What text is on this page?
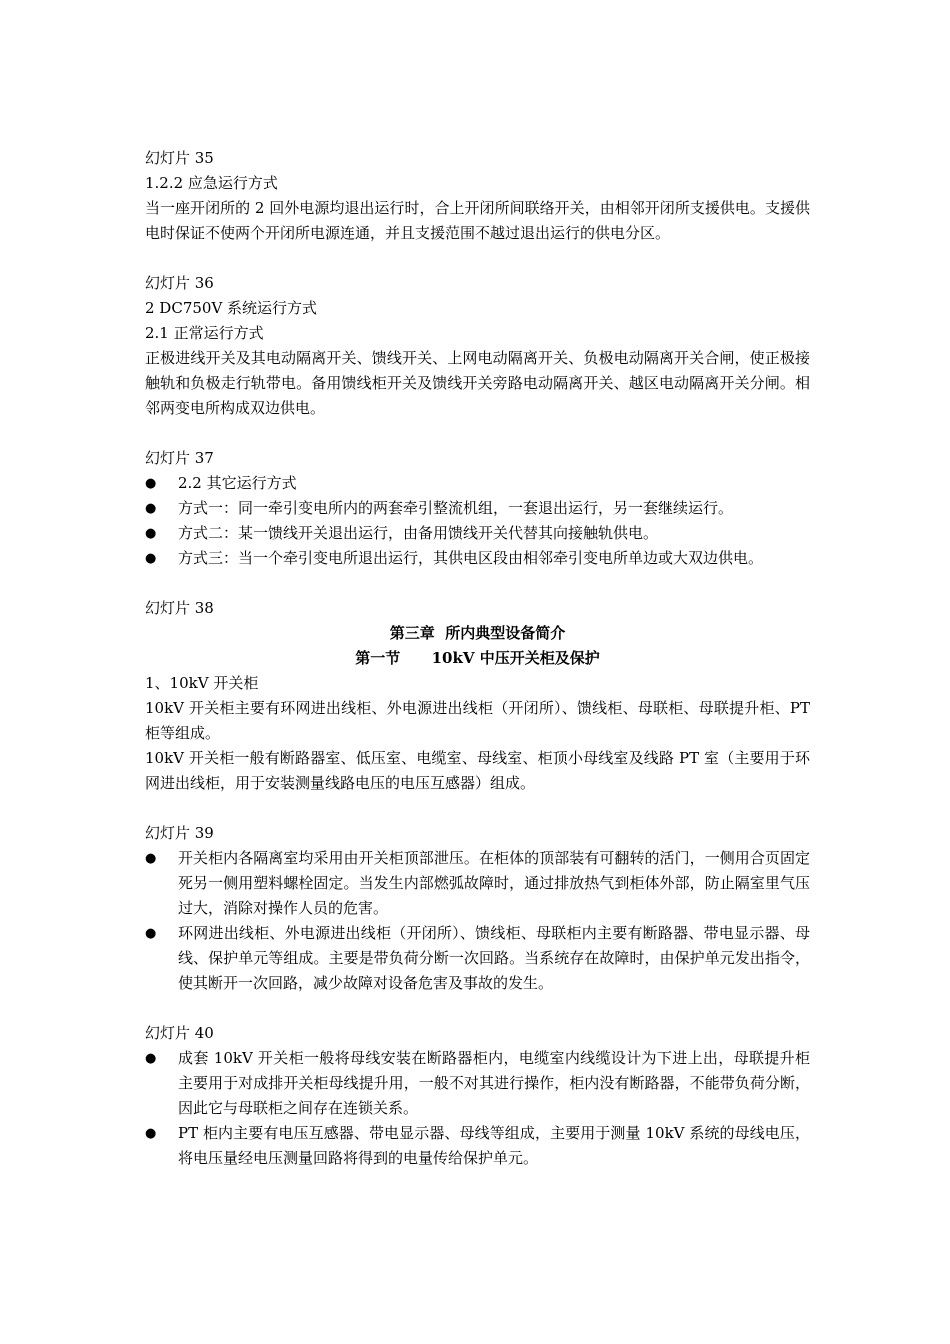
幻灯片 35
1.2.2 应急运行方式
当一座开闭所的 2 回外电源均退出运行时，合上开闭所间联络开关，由相邻开闭所支援供电。支援供电时保证不使两个开闭所电源连通，并且支援范围不越过退出运行的供电分区。
幻灯片 36
2 DC750V 系统运行方式
2.1 正常运行方式
正极进线开关及其电动隔离开关、馈线开关、上网电动隔离开关、负极电动隔离开关合闸，使正极接触轨和负极走行轨带电。备用馈线柜开关及馈线开关旁路电动隔离开关、越区电动隔离开关分闸。相邻两变电所构成双边供电。
幻灯片 37
●	2.2 其它运行方式
●	方式一：同一牵引变电所内的两套牵引整流机组，一套退出运行，另一套继续运行。
●	方式二：某一馈线开关退出运行，由备用馈线开关代替其向接触轨供电。
●	方式三：当一个牵引变电所退出运行，其供电区段由相邻牵引变电所单边或大双边供电。
幻灯片 38
第三章  所内典型设备简介
第一节      10kV 中压开关柜及保护
1、10kV 开关柜
10kV 开关柜主要有环网进出线柜、外电源进出线柜（开闭所）、馈线柜、母联柜、母联提升柜、PT 柜等组成。
10kV 开关柜一般有断路器室、低压室、电缆室、母线室、柜顶小母线室及线路 PT 室（主要用于环网进出线柜，用于安装测量线路电压的电压互感器）组成。
幻灯片 39
●	开关柜内各隔离室均采用由开关柜顶部泄压。在柜体的顶部装有可翻转的活门，一侧用合页固定死另一侧用塑料螺栓固定。当发生内部燃弧故障时，通过排放热气到柜体外部，防止隔室里气压过大，消除对操作人员的危害。
●	环网进出线柜、外电源进出线柜（开闭所）、馈线柜、母联柜内主要有断路器、带电显示器、母线、保护单元等组成。主要是带负荷分断一次回路。当系统存在故障时，由保护单元发出指令，使其断开一次回路，减少故障对设备危害及事故的发生。
幻灯片 40
●	成套 10kV 开关柜一般将母线安装在断路器柜内，电缆室内线缆设计为下进上出，母联提升柜主要用于对成排开关柜母线提升用，一般不对其进行操作，柜内没有断路器，不能带负荷分断，因此它与母联柜之间存在连锁关系。
●	PT 柜内主要有电压互感器、带电显示器、母线等组成，主要用于测量 10kV 系统的母线电压，将电压量经电压测量回路将得到的电量传给保护单元。
